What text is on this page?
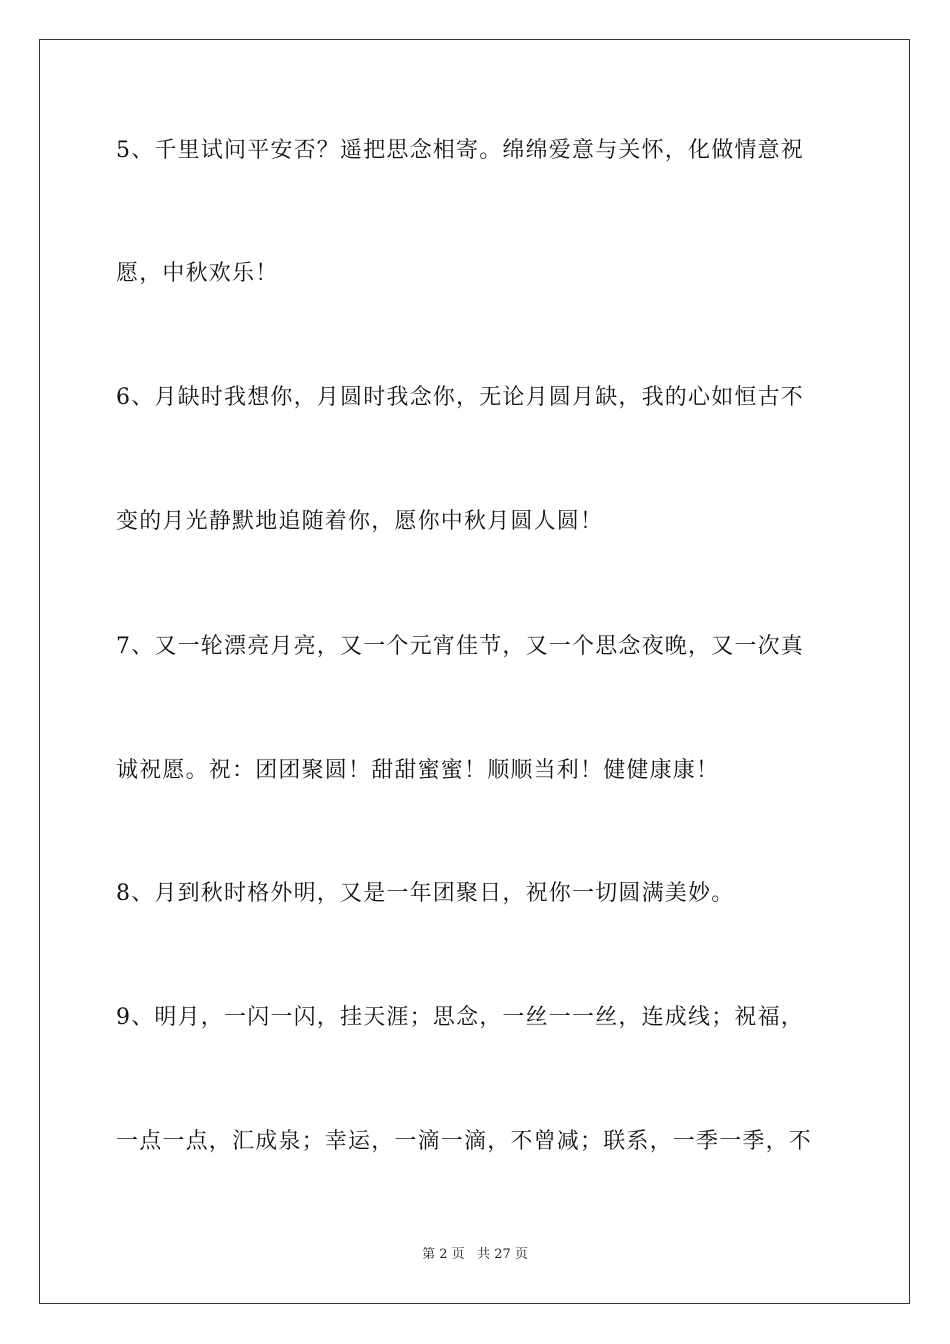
5、千里试问平安否？遥把思念相寄。绵绵爱意与关怀，化做情意祝
愿，中秋欢乐！
6、月缺时我想你，月圆时我念你，无论月圆月缺，我的心如恒古不
变的月光静默地追随着你，愿你中秋月圆人圆！
7、又一轮漂亮月亮，又一个元宵佳节，又一个思念夜晚，又一次真
诚祝愿。祝：团团聚圆！甜甜蜜蜜！顺顺当利！健健康康！
8、月到秋时格外明，又是一年团聚日，祝你一切圆满美妙。
9、明月，一闪一闪，挂天涯；思念，一丝一一丝，连成线；祝福，
一点一点，汇成泉；幸运，一滴一滴，不曾减；联系，一季一季，不
第 2 页 共 27 页
